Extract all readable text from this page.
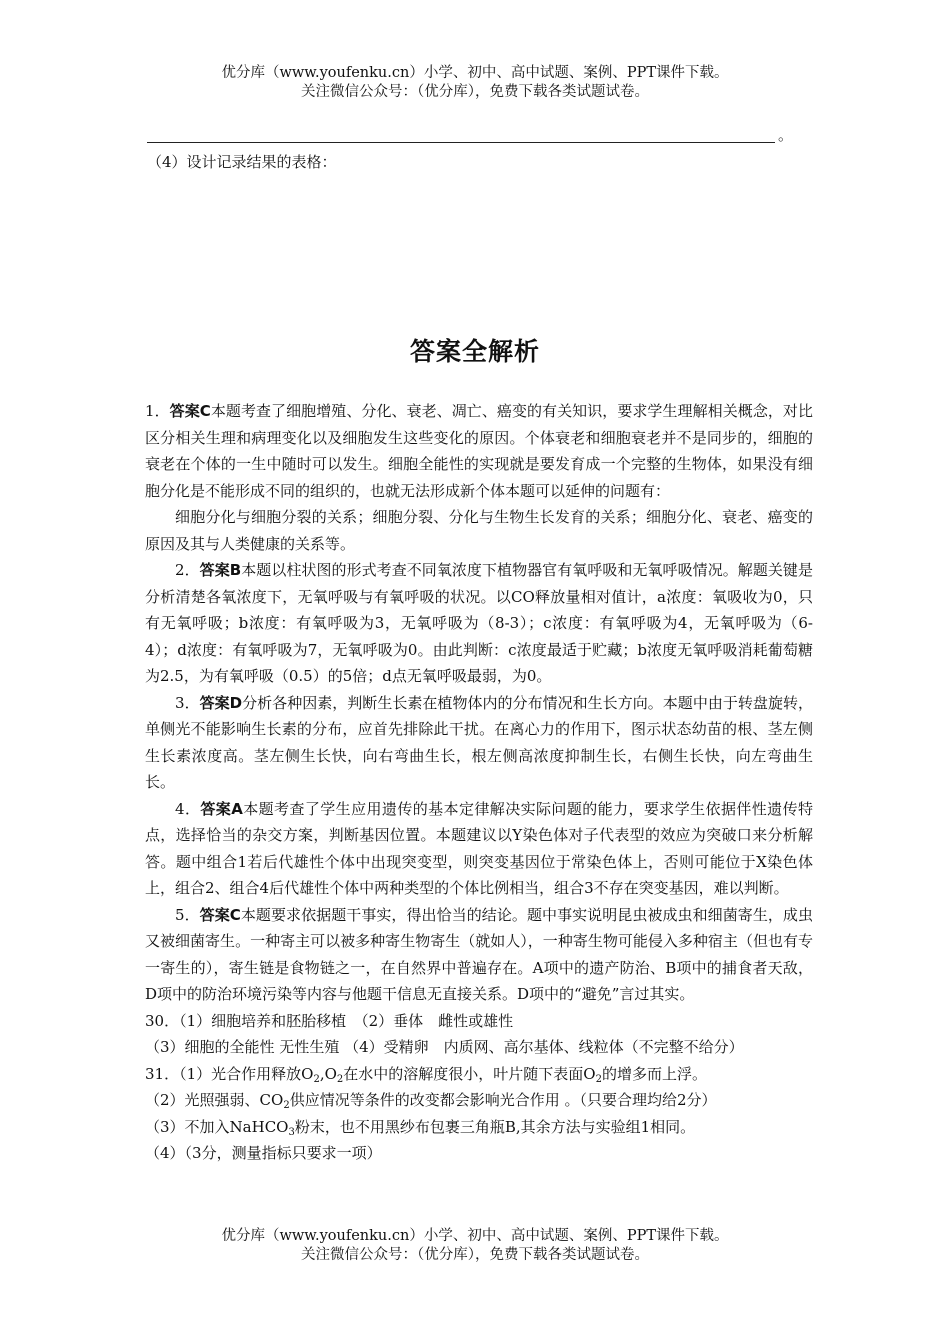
优分库（www.youfenku.cn）小学、初中、高中试题、案例、PPT课件下载。
关注微信公众号：（优分库），免费下载各类试题试卷。
。
（4）设计记录结果的表格：
答案全解析

1．答案C本题考查了细胞增殖、分化、衰老、凋亡、癌变的有关知识，要求学生理解相关概念，对比区分相关生理和病理变化以及细胞发生这些变化的原因。个体衰老和细胞衰老并不是同步的，细胞的衰老在个体的一生中随时可以发生。细胞全能性的实现就是要发育成一个完整的生物体，如果没有细胞分化是不能形成不同的组织的，也就无法形成新个体本题可以延伸的问题有：

细胞分化与细胞分裂的关系；细胞分裂、分化与生物生长发育的关系；细胞分化、衰老、癌变的原因及其与人类健康的关系等。

2．答案B本题以柱状图的形式考查不同氧浓度下植物器官有氧呼吸和无氧呼吸情况。解题关键是分析清楚各氧浓度下，无氧呼吸与有氧呼吸的状况。以CO释放量相对值计，a浓度：氧吸收为0，只有无氧呼吸；b浓度：有氧呼吸为3，无氧呼吸为（8-3）；c浓度：有氧呼吸为4，无氧呼吸为（6-4）；d浓度：有氧呼吸为7，无氧呼吸为0。由此判断：c浓度最适于贮藏；b浓度无氧呼吸消耗葡萄糖为2.5，为有氧呼吸（0.5）的5倍；d点无氧呼吸最弱，为0。

3．答案D分析各种因素，判断生长素在植物体内的分布情况和生长方向。本题中由于转盘旋转，单侧光不能影响生长素的分布，应首先排除此干扰。在离心力的作用下，图示状态幼苗的根、茎左侧生长素浓度高。茎左侧生长快，向右弯曲生长，根左侧高浓度抑制生长，右侧生长快，向左弯曲生长。

4．答案A本题考查了学生应用遗传的基本定律解决实际问题的能力，要求学生依据伴性遗传特点，选择恰当的杂交方案，判断基因位置。本题建议以Y染色体对子代表型的效应为突破口来分析解答。题中组合1若后代雄性个体中出现突变型，则突变基因位于常染色体上，否则可能位于X染色体上，组合2、组合4后代雄性个体中两种类型的个体比例相当，组合3不存在突变基因，难以判断。

5．答案C本题要求依据题干事实，得出恰当的结论。题中事实说明昆虫被成虫和细菌寄生，成虫又被细菌寄生。一种寄主可以被多种寄生物寄生（就如人），一种寄生物可能侵入多种宿主（但也有专一寄生的），寄生链是食物链之一，在自然界中普遍存在。A项中的遗产防治、B项中的捕食者天敌，D项中的防治环境污染等内容与他题干信息无直接关系。D项中的“避免”言过其实。

30．（1）细胞培养和胚胎移植　（2）垂体　雌性或雄性

（3）细胞的全能性 无性生殖 （4）受精卵　内质网、高尔基体、线粒体（不完整不给分）

31．（1）光合作用释放$O_2,O_2$在水中的溶解度很小，叶片随下表面$O_2$的增多而上浮。

（2）光照强弱、$CO_2$供应情况等条件的改变都会影响光合作用 。（只要合理均给2分）

（3）不加入NaHCO$_3$粉末，也不用黑纱布包裹三角瓶B,其余方法与实验组1相同。

（4）（3分，测量指标只要求一项）

优分库（www.youfenku.cn）小学、初中、高中试题、案例、PPT课件下载。
关注微信公众号：（优分库），免费下载各类试题试卷。
